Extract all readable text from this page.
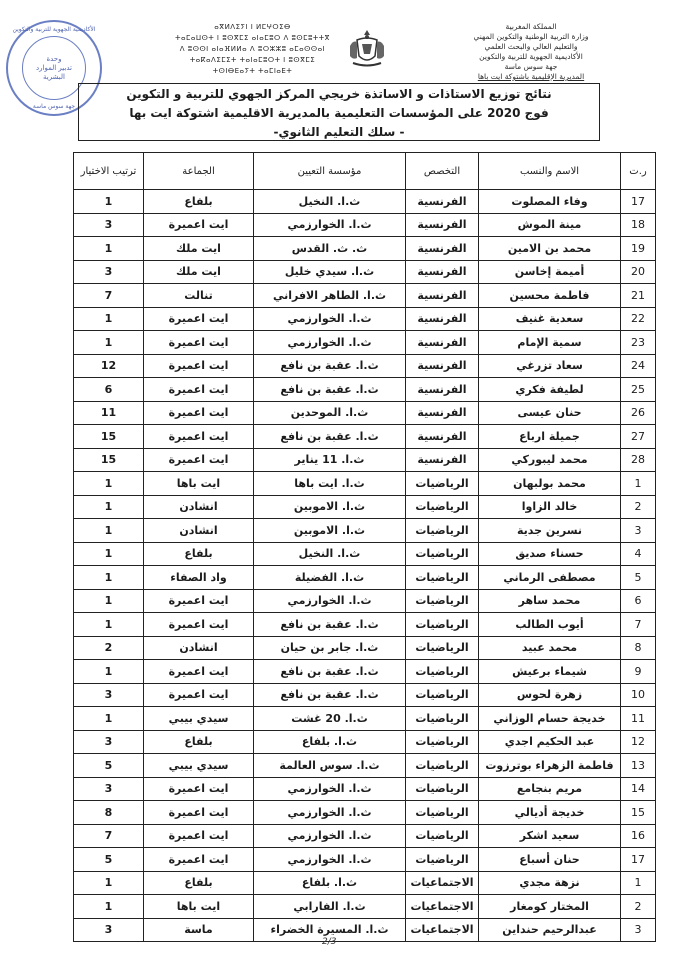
الأكاديمية الجهوية للتربية والتكوين
وحدة
تدبير الموارد
البشرية
جهة سوس ماسة
ⴰⴳⵍⴷⵉⵢⵏ ⵏ ⵍⵎⵖⵔⵉⴱ
ⵜⴰⵎⴰⵡⵙⵜ ⵏ ⵓⵙⴳⵎⵉ ⴰⵏⴰⵎⵓⵔ ⴷ ⵓⵙⵎⵓⵜⵜⴳ
ⴷ ⵓⵙⵙⵏ ⴰⵏⴰⴼⵍⵍⴰ ⴷ ⵓⵔⵣⵣⵓ ⴰⵎⴰⵙⵙⴰⵏ
ⵜⴰⴽⴰⴷⵉⵎⵉⵜ ⵜⴰⵏⴰⵎⵓⵔⵜ ⵏ ⵓⵙⴳⵎⵉ
ⵜⵙⵏⴱⴹⴰⵢⵜ ⵜⴰⵎⵏⴰⴹⵜ
المملكة المغربية
وزارة التربية الوطنية والتكوين المهني
والتعليم العالي والبحث العلمي
الأكاديمية الجهوية للتربية والتكوين
جهة سوس ماسة
المديرية الإقليمية باشتوكة ايت باها
نتائج توزيع الاستاذات و الاساتذة خريجي المركز الجهوي للتربية و التكوين
فوج 2020 على المؤسسات التعليمية بالمديرية الاقليمية اشتوكة ايت بها
- سلك التعليم الثانوي-
ر.ت	الاسم والنسب	التخصص	مؤسسة التعيين	الجماعة	ترتيب الاختيار
17	وفاء المصلوت	الفرنسية	ث.ا. النخيل	بلفاع	1
18	مينة الموش	الفرنسية	ث.ا. الخوارزمي	ايت اعميرة	3
19	محمد بن الامين	الفرنسية	ث. ث. القدس	ايت ملك	1
20	أميمة إخاسن	الفرنسية	ث.ا. سيدي خليل	ايت ملك	3
21	فاطمة محسين	الفرنسية	ث.ا. الطاهر الافراني	تنالت	7
22	سعدية غنيف	الفرنسية	ث.ا. الخوارزمي	ايت اعميرة	1
23	سمية الإمام	الفرنسية	ث.ا. الخوارزمي	ايت اعميرة	1
24	سعاد تزرغي	الفرنسية	ث.ا. عقبة بن نافع	ايت اعميرة	12
25	لطيفة فكري	الفرنسية	ث.ا. عقبة بن نافع	ايت اعميرة	6
26	حنان عيسى	الفرنسية	ث.ا. الموحدين	ايت اعميرة	11
27	جميلة ارباع	الفرنسية	ث.ا. عقبة بن نافع	ايت اعميرة	15
28	محمد ليبوركي	الفرنسية	ث.ا. 11 يناير	ايت اعميرة	15
1	محمد بولبهان	الرياضيات	ث.ا. ايت باها	ايت باها	1
2	خالد الزاوا	الرياضيات	ث.ا. الاموبين	انشادن	1
3	نسرين جدية	الرياضيات	ث.ا. الاموبين	انشادن	1
4	حسناء صديق	الرياضيات	ث.ا. النخيل	بلفاع	1
5	مصطفى الرماني	الرياضيات	ث.ا. الفضيلة	واد الصفاء	1
6	محمد ساهر	الرياضيات	ث.ا. الخوارزمي	ايت اعميرة	1
7	أيوب الطالب	الرياضيات	ث.ا. عقبة بن نافع	ايت اعميرة	1
8	محمد عبيد	الرياضيات	ث.ا. جابر بن حيان	انشادن	2
9	شيماء برعيش	الرياضيات	ث.ا. عقبة بن نافع	ايت اعميرة	1
10	زهرة لحوس	الرياضيات	ث.ا. عقبة بن نافع	ايت اعميرة	3
11	خديجة حسام الوزاني	الرياضيات	ث.ا. 20 غشت	سيدي بيبي	1
12	عبد الحكيم اجدي	الرياضيات	ث.ا. بلفاع	بلفاع	3
13	فاطمة الزهراء بوترزوت	الرياضيات	ث.ا. سوس العالمة	سيدي بيبي	5
14	مريم بنجامع	الرياضيات	ث.ا. الخوارزمي	ايت اعميرة	3
15	خديجة أديالي	الرياضيات	ث.ا. الخوارزمي	ايت اعميرة	8
16	سعيد اشكر	الرياضيات	ث.ا. الخوارزمي	ايت اعميرة	7
17	حنان أسباع	الرياضيات	ث.ا. الخوارزمي	ايت اعميرة	5
1	نزهة مجدي	الاجتماعيات	ث.ا. بلفاع	بلفاع	1
2	المختار كومغار	الاجتماعيات	ث.ا. الفارابي	ايت باها	1
3	عبدالرحيم حنداين	الاجتماعيات	ث.ا. المسيرة الخضراء	ماسة	3
2/3
